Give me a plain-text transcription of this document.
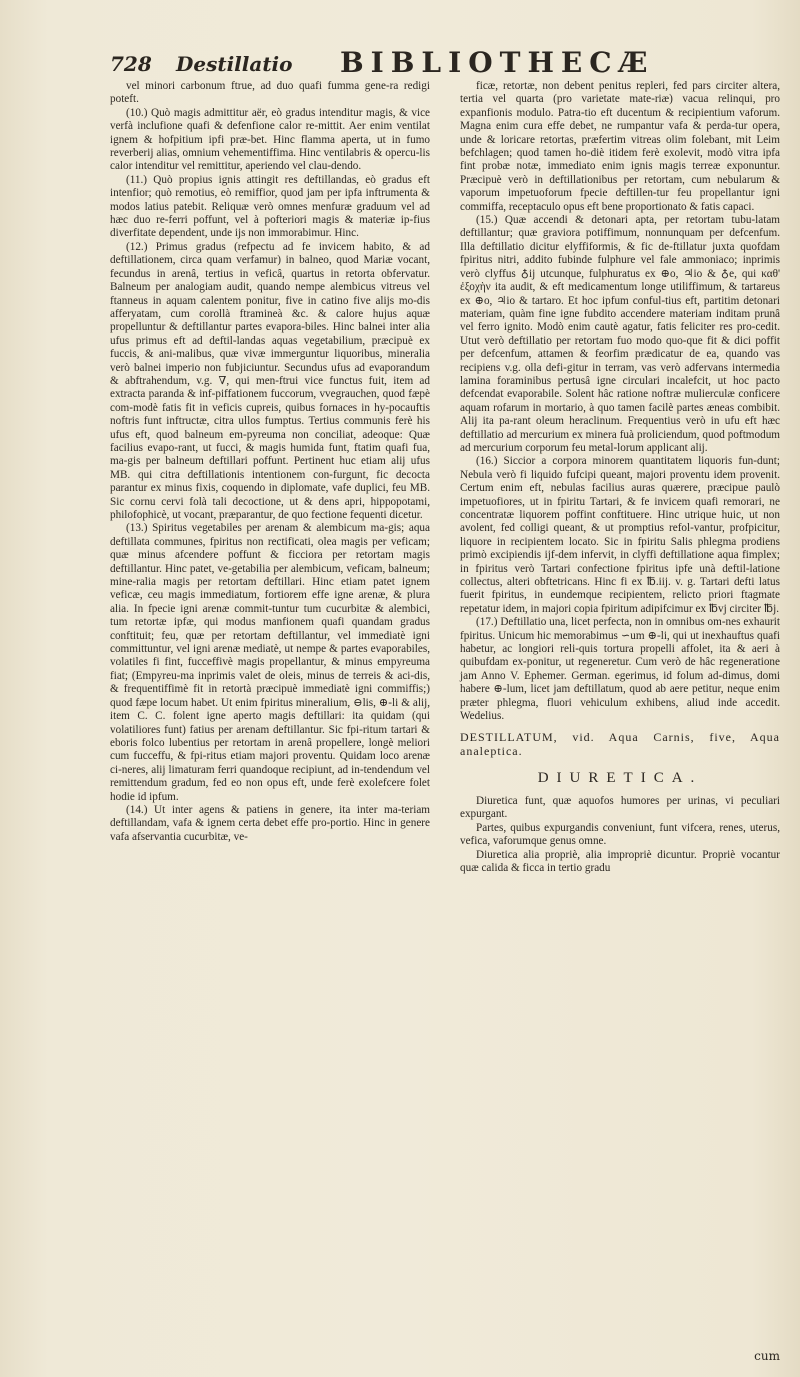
728 Destillatio BIBLIOTHECÆ

vel minori carbonum ftrue, ad duo quafi fumma gene-ra redigi poteft.

(10.) Quò magis admittitur aër, eò gradus intenditur magis, & vice verfà inclufione quafi & defenfione calor re-mittit. Aer enim ventilat ignem & hofpitium ipfi præ-bet. Hinc flamma aperta, ut in fumo reverberij alias, omnium vehementiffima. Hinc ventilabris & opercu-lis calor intenditur vel remittitur, aperiendo vel clau-dendo.

(11.) Quò propius ignis attingit res deftillandas, eò gradus eft intenfior; quò remotius, eò remiffior, quod jam per ipfa inftrumenta & modos latius patebit. Reliquæ verò omnes menfuræ graduum vel ad hæc duo re-ferri poffunt, vel à pofteriori magis & materiæ ip-fius diverfitate dependent, unde ijs non immorabimur. Hinc.

(12.) Primus gradus (refpectu ad fe invicem habito, & ad deftillationem, circa quam verfamur) in balneo, quod Mariæ vocant, fecundus in arenâ, tertius in veficâ, quartus in retorta obfervatur. Balneum per analogiam audit, quando nempe alembicus vitreus vel ftanneus in aquam calentem ponitur, five in catino five alijs mo-dis afferyatam, cum corollà ftramineà &c. & calore hujus aquæ propelluntur & deftillantur partes evapora-biles. Hinc balnei inter alia ufus primus eft ad deftil-landas aquas vegetabilium, præcipuè ex fuccis, & ani-malibus, quæ vivæ immerguntur liquoribus, mineralia verò balnei imperio non fubjiciuntur. Secundus ufus ad evaporandum & abftrahendum, v.g. ∇, qui men-ftrui vice functus fuit, item ad extracta paranda & inf-piffationem fuccorum, vvegrauchen, quod fæpè com-modè fatis fit in veficis cupreis, quibus fornaces in hy-pocauftis noftris funt inftructæ, citra ullos fumptus. Tertius communis ferè his ufus eft, quod balneum em-pyreuma non conciliat, adeoque: Quæ facilius evapo-rant, ut fucci, & magis humida funt, ftatim quafi fua, ma-gis per balneum deftillari poffunt. Pertinent huc etiam alij ufus MB. qui citra deftillationis intentionem con-furgunt, fic decocta parantur ex minus fixis, coquendo in diplomate, vafe duplici, feu MB. Sic cornu cervi folà tali decoctione, ut & dens apri, hippopotami, philofophicè, ut vocant, præparantur, de quo fectione fequenti dicetur.

(13.) Spiritus vegetabiles per arenam & alembicum ma-gis; aqua deftillata communes, fpiritus non rectificati, olea magis per veficam; quæ minus afcendere poffunt & ficciora per retortam magis deftillantur. Hinc patet, ve-getabilia per alembicum, veficam, balneum; mine-ralia magis per retortam deftillari. Hinc etiam patet ignem veficæ, ceu magis immediatum, fortiorem effe igne arenæ, & plura alia. In fpecie igni arenæ commit-tuntur tum cucurbitæ & alembici, tum retortæ ipfæ, qui modus manfionem quafi quandam gradus conftituit; feu, quæ per retortam deftillantur, vel immediatè igni committuntur, vel igni arenæ mediatè, ut nempe & partes evaporabiles, volatiles fi fint, fucceffivè magis propellantur, & minus empyreuma fiat; (Empyreu-ma inprimis valet de oleis, minus de terreis & aci-dis, & frequentiffimè fit in retortà præcipuè immediatè igni commiffis;) quod fæpe locum habet. Ut enim fpiritus mineralium, ⊖lis, ⊕-li & alij, item C. C. folent igne aperto magis deftillari: ita quidam (qui volatiliores funt) fatius per arenam deftillantur. Sic fpi-ritum tartari & eboris folco lubentius per retortam in arenâ propellere, longè meliori cum fucceffu, & fpi-ritus etiam majori proventu. Quidam loco arenæ ci-neres, alij limaturam ferri quandoque recipiunt, ad in-tendendum vel remittendum gradum, fed eo non opus eft, unde ferè exolefcere folet hodie id ipfum.

(14.) Ut inter agens & patiens in genere, ita inter ma-teriam deftillandam, vafa & ignem certa debet effe pro-portio. Hinc in genere vafa afservantia cucurbitæ, ve-

ficæ, retortæ, non debent penitus repleri, fed pars circiter altera, tertia vel quarta (pro varietate mate-riæ) vacua relinqui, pro expanfionis modulo. Patra-tio eft ducentum & recipientium vaforum. Magna enim cura effe debet, ne rumpantur vafa & perda-tur opera, unde & loricare retortas, præfertim vitreas olim folebant, mit Leim befchlagen; quod tamen ho-diè itidem ferè exolevit, modò vitra ipfa fint probæ notæ, immediato enim ignis magis terreæ exponuntur. Præcipuè verò in deftillationibus per retortam, cum nebularum & vaporum impetuoforum fpecie deftillen-tur feu propellantur igni commiffa, receptaculo opus eft bene proportionato & fatis capaci.

(15.) Quæ accendi & detonari apta, per retortam tubu-latam deftillantur; quæ graviora potiffimum, nonnunquam per defcenfum. Illa deftillatio dicitur elyffiformis, & fic de-ftillatur juxta quofdam fpiritus nitri, addito fubinde fulphure vel fale ammoniaco; inprimis verò clyffus ♁ij utcunque, fulphuratus ex ⊕o, ♃io & ♁e, qui καθ' ἐξοχὴν ita audit, & eft medicamentum longe utiliffimum, & tartareus ex ⊕o, ♃io & tartaro. Et hoc ipfum conful-tius eft, partitim detonari materiam, quàm fine igne fubdito accendere materiam inditam prunâ vel ferro ignito. Modò enim cautè agatur, fatis feliciter res pro-cedit. Utut verò deftillatio per retortam fuo modo quo-que fit & dici poffit per defcenfum, attamen & feorfim prædicatur de ea, quando vas recipiens v.g. olla defi-gitur in terram, vas verò adfervans intermedia lamina foraminibus pertusâ igne circulari incalefcit, ut hoc pacto defcendat evaporabile. Solent hâc ratione noftræ mulierculæ conficere aquam rofarum in mortario, à quo tamen facilè partes æneas combibit. Alij ita pa-rant oleum heraclinum. Frequentius verò in ufu eft hæc deftillatio ad mercurium ex minera fuà proliciendum, quod poftmodum ad mercurium corporum feu metal-lorum applicant alij.

(16.) Siccior a corpora minorem quantitatem liquoris fun-dunt; Nebula verò fi liquido fufcipi queant, majori proventu idem provenit. Certum enim eft, nebulas facilius auras quærere, præcipue paulò impetuofiores, ut in fpiritu Tartari, & fe invicem quafi remorari, ne concentratæ liquorem poffint conftituere. Hinc utrique huic, ut non avolent, fed colligi queant, & ut promptius refol-vantur, profpicitur, liquore in recipientem locato. Sic in fpiritu Salis phlegma prodiens primò excipiendis ijf-dem infervit, in clyffi deftillatione aqua fimplex; in fpiritus verò Tartari confectione fpiritus ipfe unà deftil-latione collectus, alteri obftetricans. Hinc fi ex ℔.iij. v. g. Tartari defti latus fuerit fpiritus, in eundemque recipientem, relicto priori ftagmate repetatur idem, in majori copia fpiritum adipifcimur ex ℔vj circiter ℔j.

(17.) Deftillatio una, licet perfecta, non in omnibus om-nes exhaurit fpiritus. Unicum hic memorabimus ∽um ⊕-li, qui ut inexhauftus quafi habetur, ac longiori reli-quis tortura propelli affolet, ita & aeri à quibufdam ex-ponitur, ut regeneretur. Cum verò de hâc regeneratione jam Anno V. Ephemer. German. egerimus, id folum ad-dimus, domi habere ⊕-lum, licet jam deftillatum, quod ab aere petitur, neque enim præter phlegma, fluori vehiculum exhibens, aliud inde accedit. Wedelius.

DESTILLATUM, vid. Aqua Carnis, five, Aqua analeptica.
DIURETICA.

Diuretica funt, quæ aquofos humores per urinas, vi peculiari expurgant.

Partes, quibus expurgandis conveniunt, funt vifcera, renes, uterus, vefica, vaforumque genus omne.

Diuretica alia propriè, alia impropriè dicuntur. Propriè vocantur quæ calida & ficca in tertio gradu

cum
